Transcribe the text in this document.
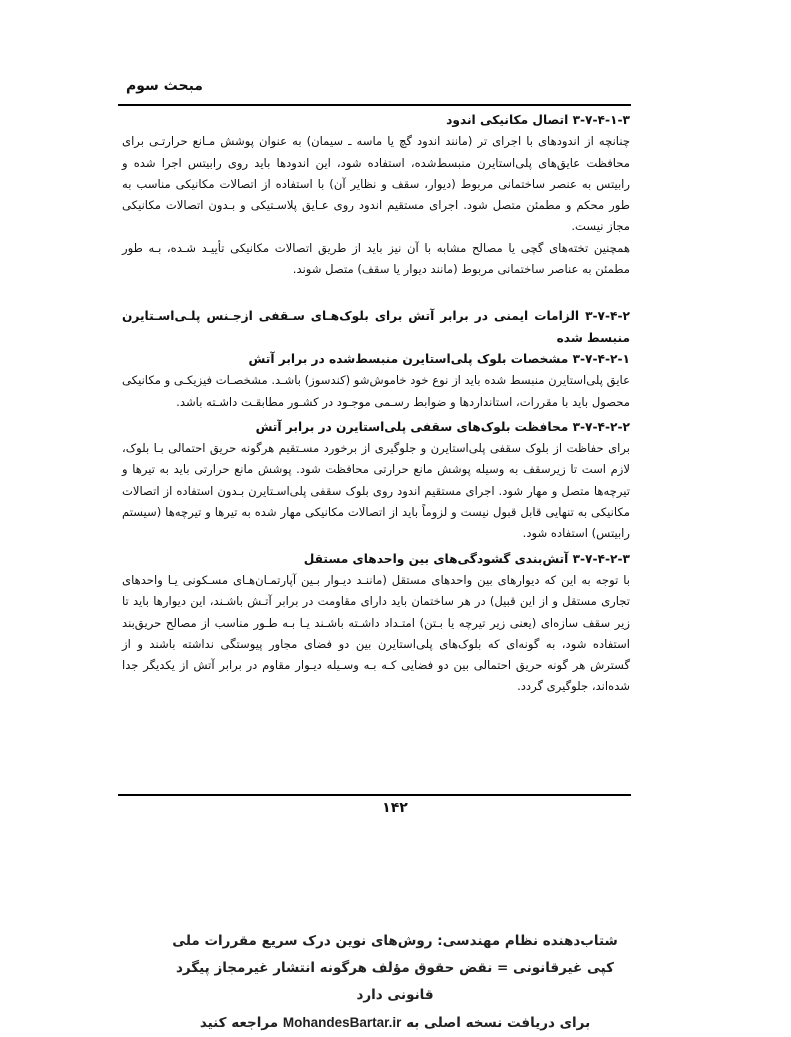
مبحث سوم
۳-۷-۴-۱-۳ اتصال مکانیکی اندود
چنانچه از اندودهای با اجرای تر (مانند اندود گچ یا ماسه ـ سیمان) به عنوان پوشش مـانع حرارتـی برای محافظت عایق‌های پلی‌استایرن منبسط‌شده، استفاده شود، این اندودها باید روی رابیتس اجرا شده و رابیتس به عنصر ساختمانی مربوط (دیوار، سقف و نظایر آن) با استفاده از اتصالات مکانیکی مناسب به طور محکم و مطمئن متصل شود. اجرای مستقیم اندود روی عـایق پلاسـتیکی و بـدون اتصالات مکانیکی مجاز نیست.
همچنین تخته‌های گچی یا مصالح مشابه با آن نیز باید از طریق اتصالات مکانیکی تأییـد شـده، بـه طور مطمئن به عناصر ساختمانی مربوط (مانند دیوار یا سقف) متصل شوند.
۳-۷-۴-۲ الزامات ایمنی در برابر آتش برای بلوک‌هـای سـقفی ازجـنس پلـی‌اسـتایرن منبسط شده
۳-۷-۴-۲-۱ مشخصات بلوک پلی‌استایرن منبسط‌شده در برابر آتش
عایق پلی‌استایرن منبسط شده باید از نوع خود خاموش‌شو (کندسوز) باشـد. مشخصـات فیزیکـی و مکانیکی محصول باید با مقررات، استانداردها و ضوابط رسـمی موجـود در کشـور مطابقـت داشـته باشد.
۳-۷-۴-۲-۲ محافظت بلوک‌های سقفی پلی‌استایرن در برابر آتش
برای حفاظت از بلوک سقفی پلی‌استایرن و جلوگیری از برخورد مسـتقیم هرگونه حریق احتمالی بـا بلوک، لازم است تا زیرسقف به وسیله پوشش مانع حرارتی محافظت شود. پوشش مانع حرارتی باید به تیرها و تیرچه‌ها متصل و مهار شود. اجرای مستقیم اندود روی بلوک سقفی پلی‌اسـتایرن بـدون استفاده از اتصالات مکانیکی به تنهایی قابل قبول نیست و لزوماً باید از اتصالات مکانیکی مهار شده به تیرها و تیرچه‌ها (سیستم رابیتس) استفاده شود.
۳-۷-۴-۲-۳ آتش‌بندی گشودگی‌های بین واحدهای مستقل
با توجه به این که دیوارهای بین واحدهای مستقل (ماننـد دیـوار بـین آپارتمـان‌هـای مسـکونی یـا واحدهای تجاری مستقل و از این قبیل) در هر ساختمان باید دارای مقاومت در برابر آتـش باشـند، این دیوارها باید تا زیر سقف سازه‌ای (یعنی زیر تیرچه یا بـتن) امتـداد داشـته باشـند یـا بـه طـور مناسب از مصالح حریق‌بند استفاده شود، به گونه‌ای که بلوک‌های پلی‌استایرن بین دو فضای مجاور پیوستگی نداشته باشند و از گسترش هر گونه حریق احتمالی بین دو فضایی کـه بـه وسـیله دیـوار مقاوم در برابر آتش از یکدیگر جدا شده‌اند، جلوگیری گردد.
۱۴۲
شتاب‌دهنده نظام مهندسی: روش‌های نوین درک سریع مقررات ملی
کپی غیرقانونی = نقض حقوق مؤلف هرگونه انتشار غیرمجاز پیگرد قانونی دارد
برای دریافت نسخه اصلی به MohandesBartar.ir مراجعه کنید
